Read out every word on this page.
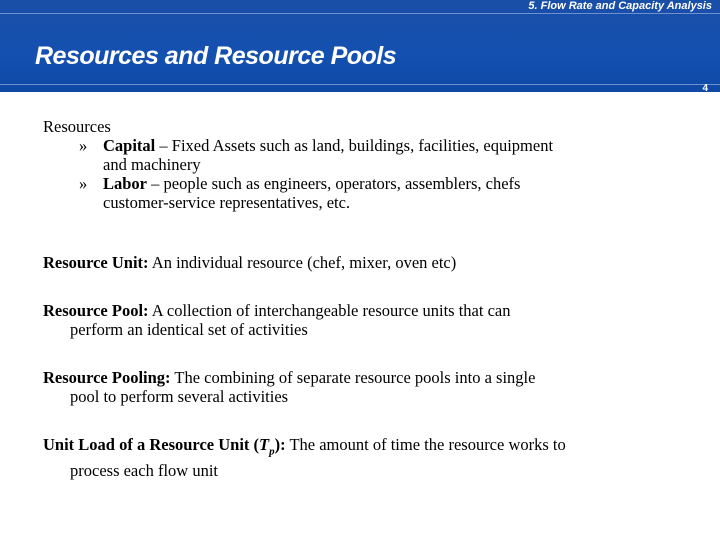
5. Flow Rate and Capacity Analysis
Resources and Resource Pools
4
Resources
» Capital – Fixed Assets such as land, buildings, facilities, equipment
and machinery
» Labor – people such as engineers, operators, assemblers, chefs
customer-service representatives, etc.
Resource Unit: An individual resource (chef, mixer, oven etc)
Resource Pool: A collection of interchangeable resource units that can
perform an identical set of activities
Resource Pooling: The combining of separate resource pools into a single
pool to perform several activities
Unit Load of a Resource Unit $(T_p)$: The amount of time the resource works to
process each flow unit
